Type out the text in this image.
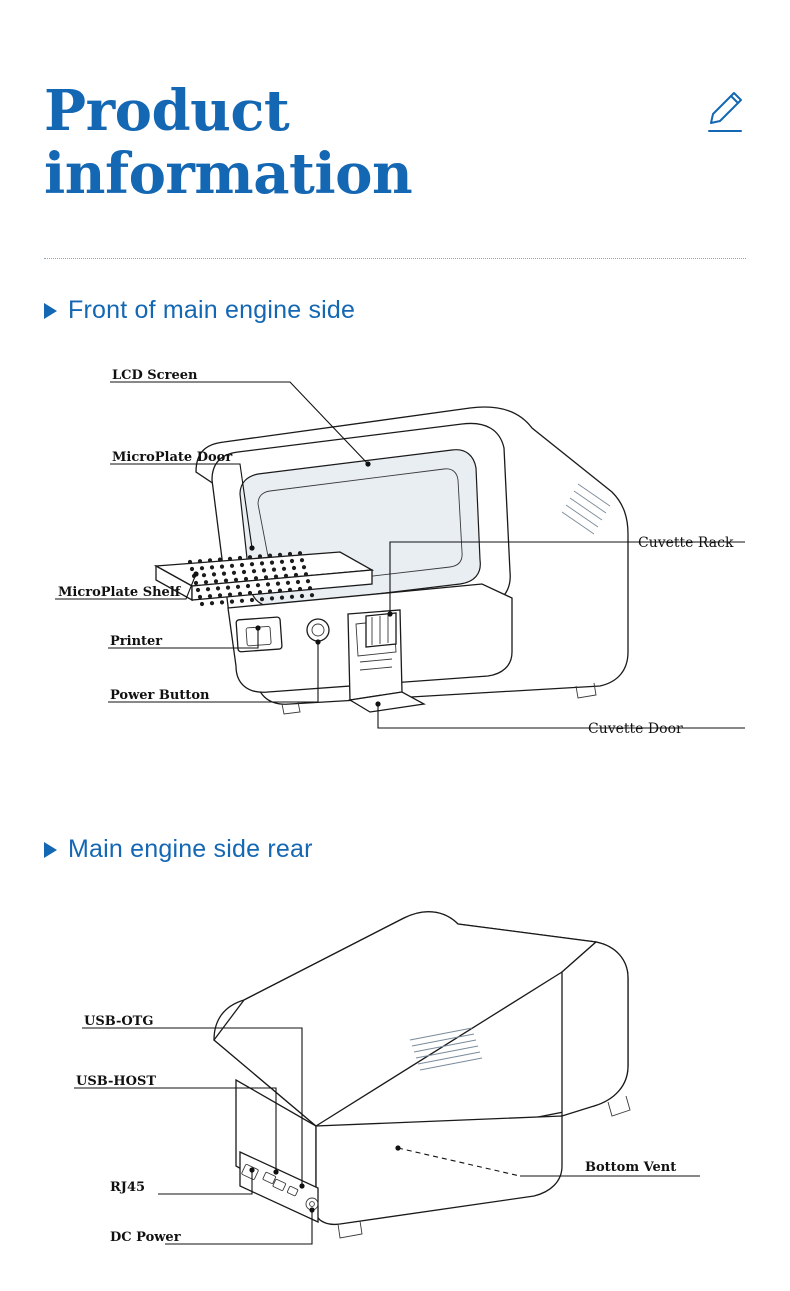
Product
information
Front of main engine side
LCD Screen
MicroPlate Door
MicroPlate Shelf
Printer
Power Button
Cuvette Rack
Cuvette Door
Main engine side rear
USB-OTG
USB-HOST
RJ45
DC Power
Bottom Vent
